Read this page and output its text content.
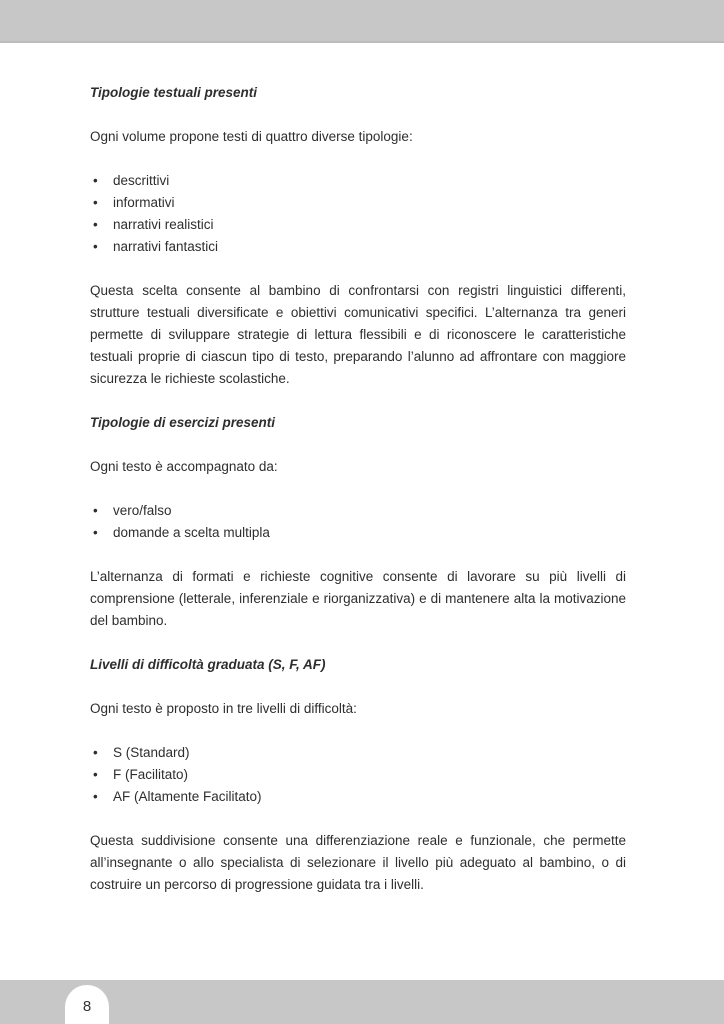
Tipologie testuali presenti

Ogni volume propone testi di quattro diverse tipologie:

• descrittivi
• informativi
• narrativi realistici
• narrativi fantastici

Questa scelta consente al bambino di confrontarsi con registri linguistici differenti, strutture testuali diversificate e obiettivi comunicativi specifici. L’alternanza tra generi permette di sviluppare strategie di lettura flessibili e di riconoscere le caratteristiche testuali proprie di ciascun tipo di testo, preparando l’alunno ad affrontare con maggiore sicurezza le richieste scolastiche.

Tipologie di esercizi presenti

Ogni testo è accompagnato da:

• vero/falso
• domande a scelta multipla

L’alternanza di formati e richieste cognitive consente di lavorare su più livelli di comprensione (letterale, inferenziale e riorganizzativa) e di mantenere alta la motivazione del bambino.

Livelli di difficoltà graduata (S, F, AF)

Ogni testo è proposto in tre livelli di difficoltà:

• S (Standard)
• F (Facilitato)
• AF (Altamente Facilitato)

Questa suddivisione consente una differenziazione reale e funzionale, che permette all’insegnante o allo specialista di selezionare il livello più adeguato al bambino, o di costruire un percorso di progressione guidata tra i livelli.

8
